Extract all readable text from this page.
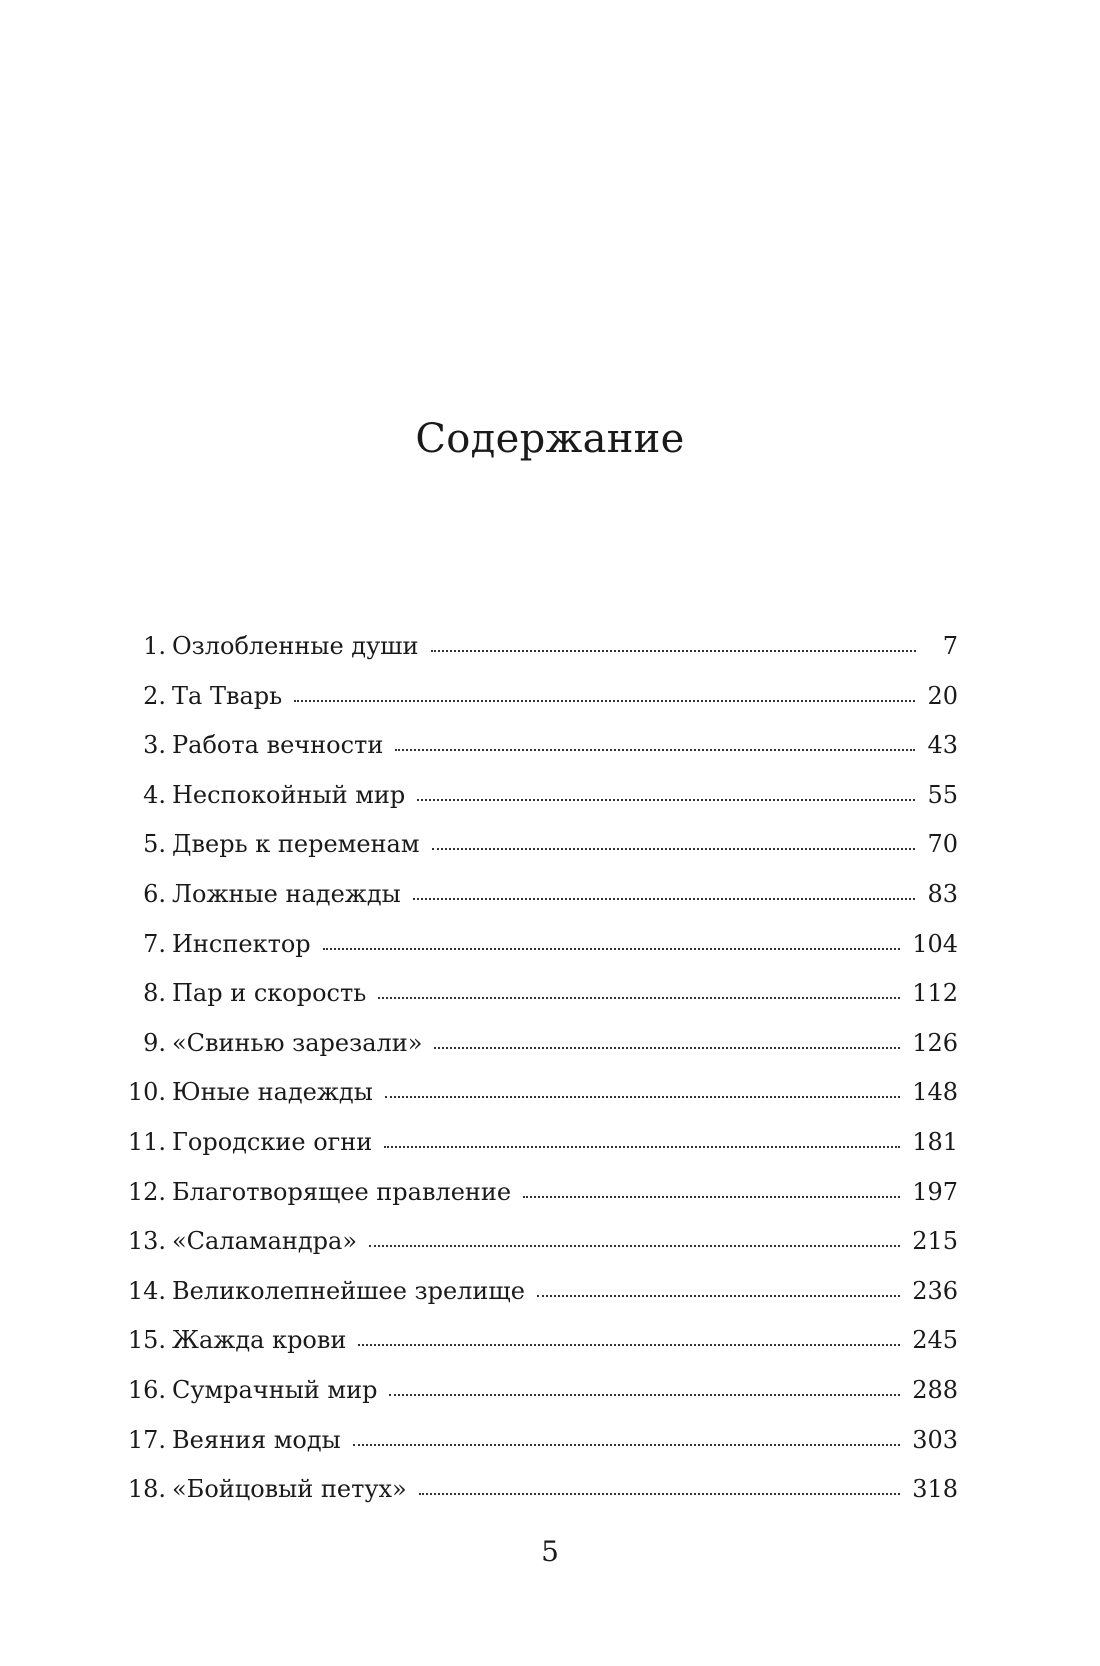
Содержание
1. Озлобленные души	7
2. Та Тварь	20
3. Работа вечности	43
4. Неспокойный мир	55
5. Дверь к переменам	70
6. Ложные надежды	83
7. Инспектор	104
8. Пар и скорость	112
9. «Свинью зарезали»	126
10. Юные надежды	148
11. Городские огни	181
12. Благотворящее правление	197
13. «Саламандра»	215
14. Великолепнейшее зрелище	236
15. Жажда крови	245
16. Сумрачный мир	288
17. Веяния моды	303
18. «Бойцовый петух»	318
5
